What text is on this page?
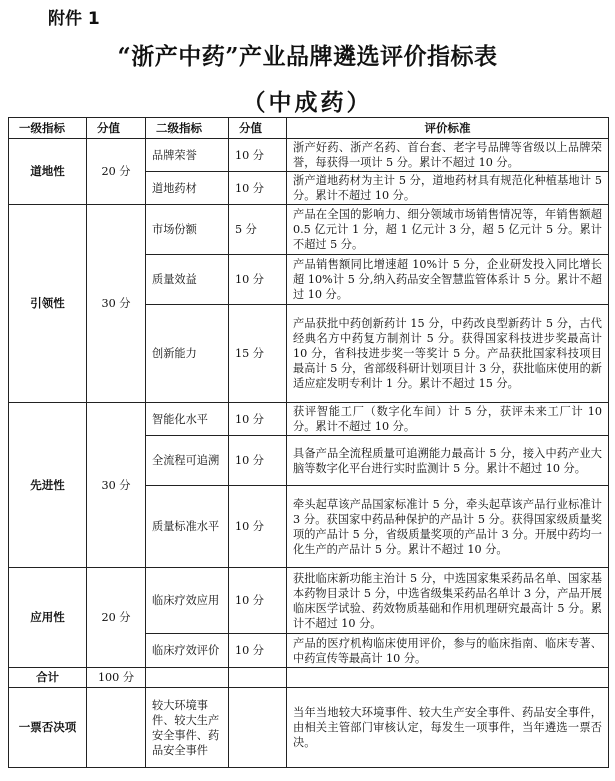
附件 1
“浙产中药”产业品牌遴选评价指标表
（中成药）
一级指标	分值	二级指标	分值	评价标准
道地性	20 分	品牌荣誉	10 分	浙产好药、浙产名药、首台套、老字号品牌等省级以上品牌荣誉，每获得一项计 5 分。累计不超过 10 分。
		道地药材	10 分	浙产道地药材为主计 5 分，道地药材具有规范化种植基地计 5 分。累计不超过 10 分。
引领性	30 分	市场份额	5 分	产品在全国的影响力、细分领域市场销售情况等，年销售额超 0.5 亿元计 1 分，超 1 亿元计 3 分，超 5 亿元计 5 分。累计不超过 5 分。
		质量效益	10 分	产品销售额同比增速超 10%计 5 分，企业研发投入同比增长超 10%计 5 分,纳入药品安全智慧监管体系计 5 分。累计不超过 10 分。
		创新能力	15 分	产品获批中药创新药计 15 分，中药改良型新药计 5 分，古代经典名方中药复方制剂计 5 分。获得国家科技进步奖最高计 10 分，省科技进步奖一等奖计 5 分。产品获批国家科技项目最高计 5 分，省部级科研计划项目计 3 分，获批临床使用的新适应症发明专利计 1 分。累计不超过 15 分。
先进性	30 分	智能化水平	10 分	获评智能工厂（数字化车间）计 5 分，获评未来工厂计 10 分。累计不超过 10 分。
		全流程可追溯	10 分	具备产品全流程质量可追溯能力最高计 5 分，接入中药产业大脑等数字化平台进行实时监测计 5 分。累计不超过 10 分。
		质量标准水平	10 分	牵头起草该产品国家标准计 5 分，牵头起草该产品行业标准计 3 分。获国家中药品种保护的产品计 5 分。获得国家级质量奖项的产品计 5 分，省级质量奖项的产品计 3 分。开展中药均一化生产的产品计 5 分。累计不超过 10 分。
应用性	20 分	临床疗效应用	10 分	获批临床新功能主治计 5 分，中选国家集采药品名单、国家基本药物目录计 5 分，中选省级集采药品名单计 3 分，产品开展临床医学试验、药效物质基础和作用机理研究最高计 5 分。累计不超过 10 分。
		临床疗效评价	10 分	产品的医疗机构临床使用评价，参与的临床指南、临床专著、中药宣传等最高计 10 分。
合计	100 分			
一票否决项		较大环境事件、较大生产安全事件、药品安全事件		当年当地较大环境事件、较大生产安全事件、药品安全事件，由相关主管部门审核认定，每发生一项事件，当年遴选一票否决。
